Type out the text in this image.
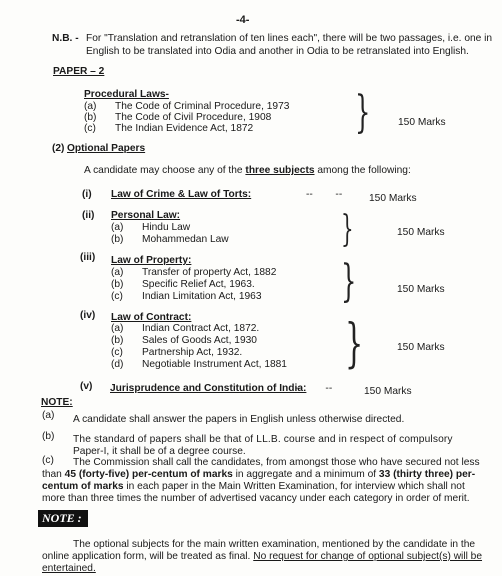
-4-
N.B. - For "Translation and retranslation of ten lines each", there will be two passages, i.e. one in
English to be translated into Odia and another in Odia to be retranslated into English.
PAPER – 2
Procedural Laws-
(a) The Code of Criminal Procedure, 1973
(b) The Code of Civil Procedure, 1908
(c) The Indian Evidence Act, 1872 }	150 Marks
(2) Optional Papers
A candidate may choose any of the three subjects among the following:
(i) Law of Crime & Law of Torts:	--        --	150 Marks
(ii) Personal Law:
(a) Hindu Law
(b) Mohammedan Law	}	150 Marks
(iii) Law of Property:
(a) Transfer of property Act, 1882
(b) Specific Relief Act, 1963.
(c) Indian Limitation Act, 1963 }	150 Marks
(iv) Law of Contract:
(a) Indian Contract Act, 1872.
(b) Sales of Goods Act, 1930
(c) Partnership Act, 1932.
(d) Negotiable Instrument Act, 1881 }	150 Marks
(v) Jurisprudence and Constitution of India:
--        --	150 Marks
NOTE:
(a) A candidate shall answer the papers in English unless otherwise directed.
(b) The standard of papers shall be that of LL.B. course and in respect of compulsory
Paper-I, it shall be of a degree course.
(c) The Commission shall call the candidates, from amongst those who have secured not less
than 45 (forty-five) per-centum of marks in aggregate and a minimum of 33 (thirty three) per-
centum of marks in each paper in the Main Written Examination, for interview which shall not
more than three times the number of advertised vacancy under each category in order of merit.
NOTE :
The optional subjects for the main written examination, mentioned by the candidate in the
online application form, will be treated as final. No request for change of optional subject(s) will be
entertained.
